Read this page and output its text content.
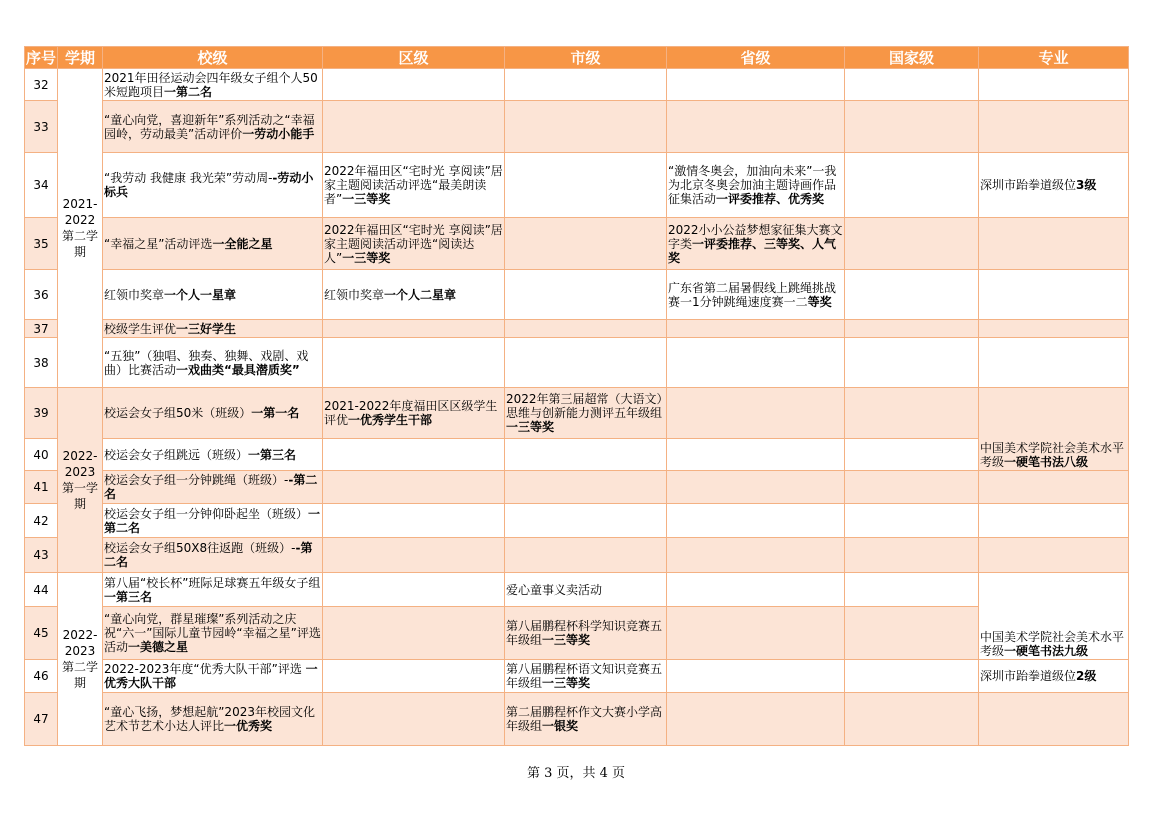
序号	学期	校级	区级	市级	省级	国家级	专业
32	2021-2022第二学期	2021年田径运动会四年级女子组个人50米短跑项目一第二名					
33		“童心向党，喜迎新年”系列活动之“幸福园岭，劳动最美”活动评价一劳动小能手					
34		“我劳动 我健康 我光荣”劳动周--劳动小标兵	2022年福田区“宅时光 享阅读”居家主题阅读活动评选“最美朗读者”一三等奖		“激情冬奥会，加油向未来”一我为北京冬奥会加油主题诗画作品征集活动一评委推荐、优秀奖		深圳市跆拳道级位3级
35		“幸福之星”活动评选一全能之星	2022年福田区“宅时光 享阅读”居家主题阅读活动评选“阅读达人”一三等奖		2022小小公益梦想家征集大赛文字类一评委推荐、三等奖、人气奖		
36		红领巾奖章一个人一星章	红领巾奖章一个人二星章		广东省第二届暑假线上跳绳挑战赛一1分钟跳绳速度赛一二等奖		
37		校级学生评优一三好学生					
38		“五独”（独唱、独奏、独舞、戏剧、戏曲）比赛活动一戏曲类“最具潜质奖”					
39	2022-2023第一学期	校运会女子组50米（班级）一第一名	2021-2022年度福田区区级学生评优一优秀学生干部	2022年第三届超常（大语文）思维与创新能力测评五年级组一三等奖			中国美术学院社会美术水平考级一硬笔书法八级
40		校运会女子组跳远（班级）一第三名					
41		校运会女子组一分钟跳绳（班级）--第二名					
42		校运会女子组一分钟仰卧起坐（班级）一第二名					
43		校运会女子组50X8往返跑（班级）--第二名					
44	2022-2023第二学期	第八届“校长杯”班际足球赛五年级女子组一第三名		爱心童事义卖活动			中国美术学院社会美术水平考级一硬笔书法九级
45		“童心向党，群星璀璨”系列活动之庆祝“六一”国际儿童节园岭“幸福之星”评选活动一美德之星		第八届鹏程杯科学知识竞赛五年级组一三等奖			
46		2022-2023年度“优秀大队干部”评选 一优秀大队干部		第八届鹏程杯语文知识竞赛五年级组一三等奖			深圳市跆拳道级位2级
47		“童心飞扬，梦想起航”2023年校园文化艺术节艺术小达人评比一优秀奖		第二届鹏程杯作文大赛小学高年级组一银奖			
第 3 页，共 4 页
